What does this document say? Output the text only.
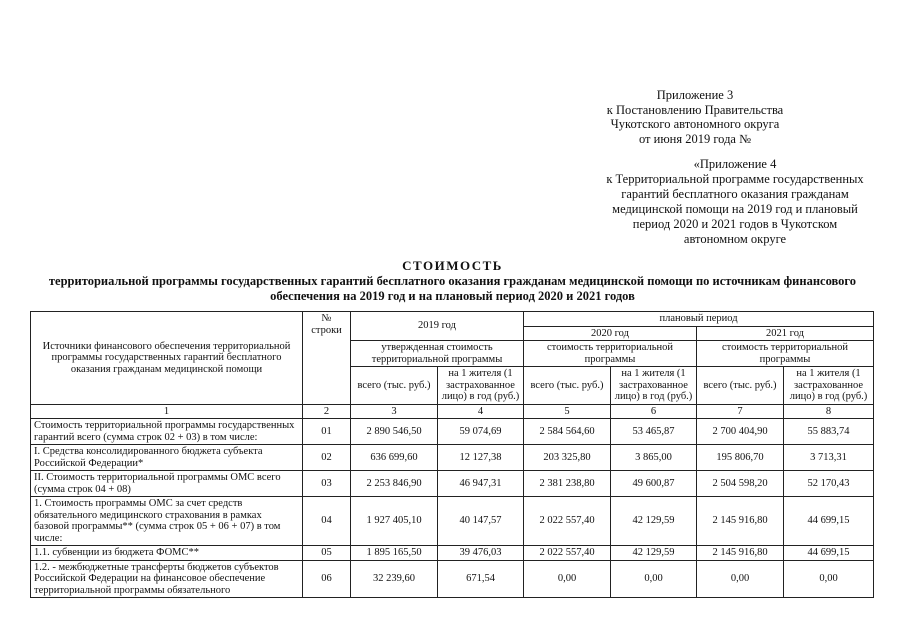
Приложение 3
к Постановлению Правительства
Чукотского автономного округа
от июня 2019 года №
«Приложение 4
к Территориальной программе государственных
гарантий бесплатного оказания гражданам
медицинской помощи на 2019 год и плановый
период 2020 и 2021 годов в Чукотском
автономном округе
СТОИМОСТЬ
территориальной программы государственных гарантий бесплатного оказания гражданам медицинской помощи по источникам финансового обеспечения на 2019 год и на плановый период 2020 и 2021 годов
Источники финансового обеспечения территориальной программы государственных гарантий бесплатного оказания гражданам медицинской помощи	№ строки	2019 год		плановый период			
				2020 год		2021 год	
		утвержденная стоимость территориальной программы		стоимость территориальной программы		стоимость территориальной программы	
		всего (тыс. руб.)	на 1 жителя (1 застрахованное лицо) в год (руб.)	всего (тыс. руб.)	на 1 жителя (1 застрахованное лицо) в год (руб.)	всего (тыс. руб.)	на 1 жителя (1 застрахованное лицо) в год (руб.)
1	2	3	4	5	6	7	8
Стоимость территориальной программы государственных гарантий всего (сумма строк 02 + 03) в том числе:	01	2 890 546,50	59 074,69	2 584 564,60	53 465,87	2 700 404,90	55 883,74
I. Средства консолидированного бюджета субъекта Российской Федерации*	02	636 699,60	12 127,38	203 325,80	3 865,00	195 806,70	3 713,31
II. Стоимость территориальной программы ОМС всего (сумма строк 04 + 08)	03	2 253 846,90	46 947,31	2 381 238,80	49 600,87	2 504 598,20	52 170,43
1. Стоимость программы ОМС за счет средств обязательного медицинского страхования в рамках базовой программы** (сумма строк 05 + 06 + 07) в том числе:	04	1 927 405,10	40 147,57	2 022 557,40	42 129,59	2 145 916,80	44 699,15
1.1. субвенции из бюджета ФОМС**	05	1 895 165,50	39 476,03	2 022 557,40	42 129,59	2 145 916,80	44 699,15
1.2. - межбюджетные трансферты бюджетов субъектов Российской Федерации на финансовое обеспечение территориальной программы обязательного	06	32 239,60	671,54	0,00	0,00	0,00	0,00
